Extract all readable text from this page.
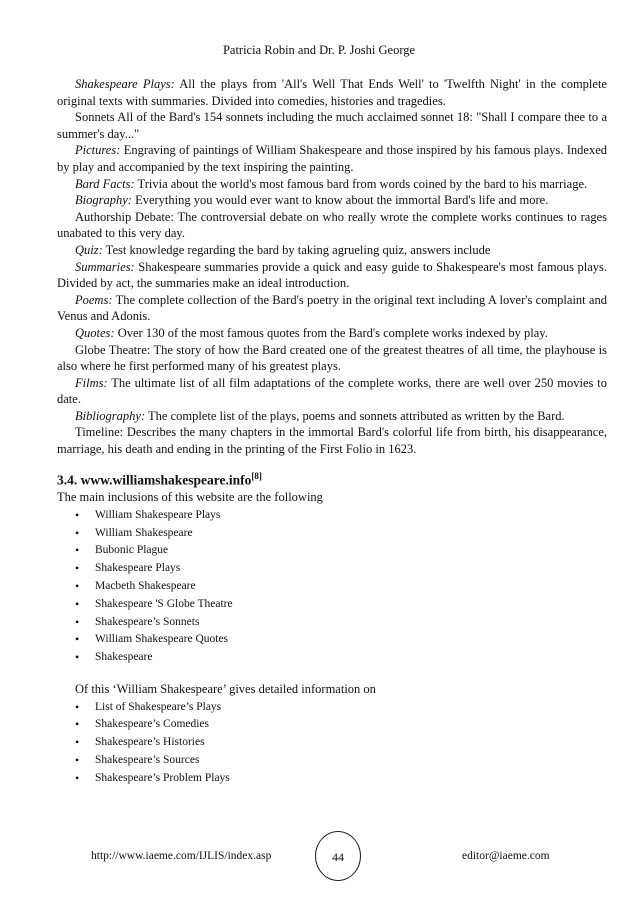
Patricia Robin and Dr. P. Joshi George

Shakespeare Plays: All the plays from 'All's Well That Ends Well' to 'Twelfth Night' in the complete original texts with summaries. Divided into comedies, histories and tragedies.

Sonnets All of the Bard's 154 sonnets including the much acclaimed sonnet 18: "Shall I compare thee to a summer's day..."

Pictures: Engraving of paintings of William Shakespeare and those inspired by his famous plays. Indexed by play and accompanied by the text inspiring the painting.

Bard Facts: Trivia about the world's most famous bard from words coined by the bard to his marriage.

Biography: Everything you would ever want to know about the immortal Bard's life and more.

Authorship Debate: The controversial debate on who really wrote the complete works continues to rages unabated to this very day.

Quiz: Test knowledge regarding the bard by taking agrueling quiz, answers include

Summaries: Shakespeare summaries provide a quick and easy guide to Shakespeare's most famous plays. Divided by act, the summaries make an ideal introduction.

Poems: The complete collection of the Bard's poetry in the original text including A lover's complaint and Venus and Adonis.

Quotes: Over 130 of the most famous quotes from the Bard's complete works indexed by play.

Globe Theatre: The story of how the Bard created one of the greatest theatres of all time, the playhouse is also where he first performed many of his greatest plays.

Films: The ultimate list of all film adaptations of the complete works, there are well over 250 movies to date.

Bibliography: The complete list of the plays, poems and sonnets attributed as written by the Bard.

Timeline: Describes the many chapters in the immortal Bard's colorful life from birth, his disappearance, marriage, his death and ending in the printing of the First Folio in 1623.

3.4. www.williamshakespeare.info[8]

The main inclusions of this website are the following

• William Shakespeare Plays
• William Shakespeare
• Bubonic Plague
• Shakespeare Plays
• Macbeth Shakespeare
• Shakespeare 'S Globe Theatre
• Shakespeare’s Sonnets
• William Shakespeare Quotes
• Shakespeare

Of this ‘William Shakespeare’ gives detailed information on

• List of Shakespeare’s Plays
• Shakespeare’s Comedies
• Shakespeare’s Histories
• Shakespeare’s Sources
• Shakespeare’s Problem Plays
http://www.iaeme.com/IJLIS/index.asp	44	editor@iaeme.com
